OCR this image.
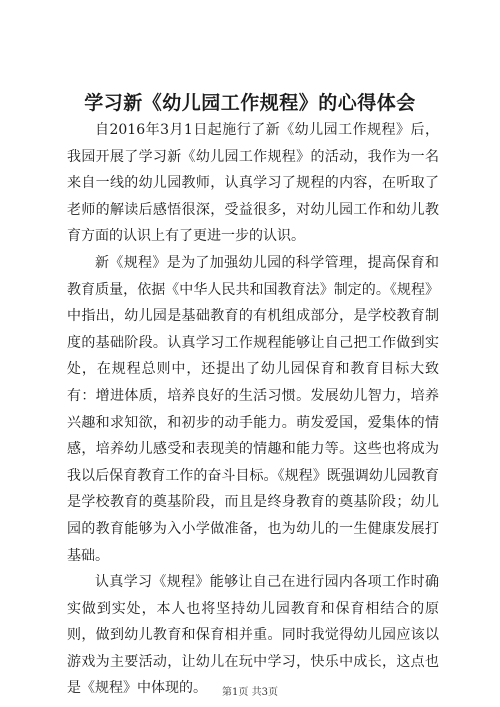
学习新《幼儿园工作规程》的心得体会

自2016年3月1日起施行了新《幼儿园工作规程》后，我园开展了学习新《幼儿园工作规程》的活动，我作为一名来自一线的幼儿园教师，认真学习了规程的内容，在听取了老师的解读后感悟很深，受益很多，对幼儿园工作和幼儿教育方面的认识上有了更进一步的认识。

新《规程》是为了加强幼儿园的科学管理，提高保育和教育质量，依据《中华人民共和国教育法》制定的。《规程》中指出，幼儿园是基础教育的有机组成部分，是学校教育制度的基础阶段。认真学习工作规程能够让自己把工作做到实处，在规程总则中，还提出了幼儿园保育和教育目标大致有：增进体质，培养良好的生活习惯。发展幼儿智力，培养兴趣和求知欲，和初步的动手能力。萌发爱国，爱集体的情感，培养幼儿感受和表现美的情趣和能力等。这些也将成为我以后保育教育工作的奋斗目标。《规程》既强调幼儿园教育是学校教育的奠基阶段，而且是终身教育的奠基阶段；幼儿园的教育能够为入小学做准备，也为幼儿的一生健康发展打基础。

认真学习《规程》能够让自己在进行园内各项工作时确实做到实处，本人也将坚持幼儿园教育和保育相结合的原则，做到幼儿教育和保育相并重。同时我觉得幼儿园应该以游戏为主要活动，让幼儿在玩中学习，快乐中成长，这点也是《规程》中体现的。	第1页 共3页
